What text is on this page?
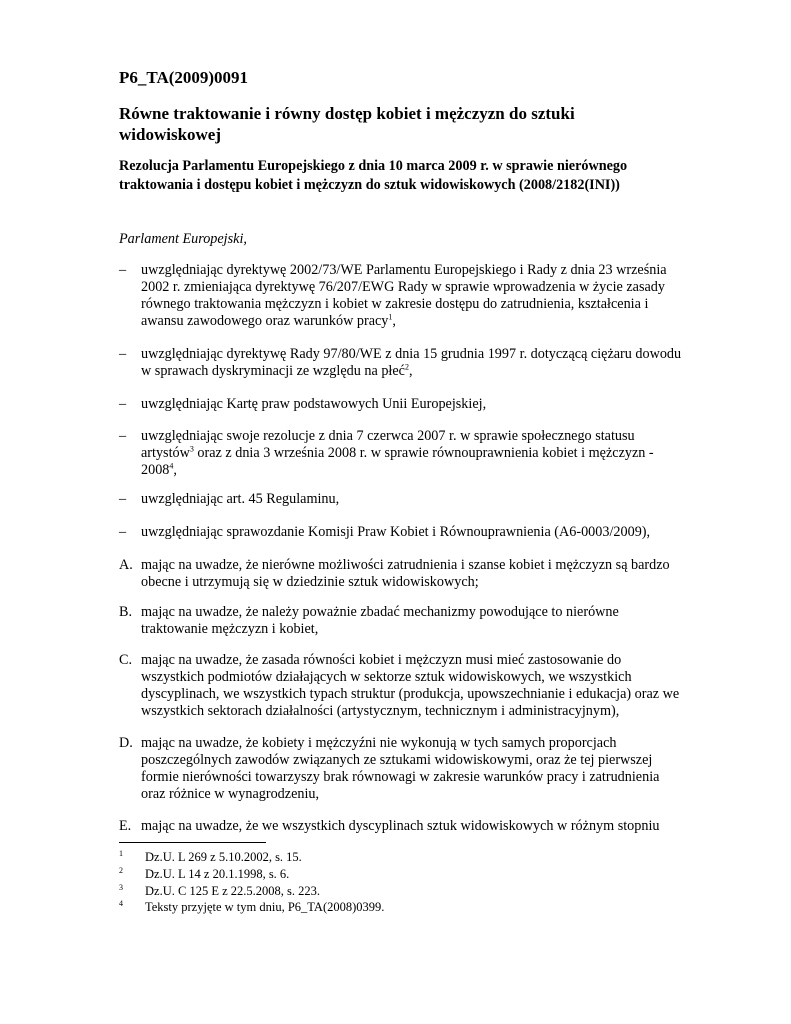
P6_TA(2009)0091
Równe traktowanie i równy dostęp kobiet i mężczyzn do sztuki widowiskowej

Rezolucja Parlamentu Europejskiego z dnia 10 marca 2009 r. w sprawie nierównego traktowania i dostępu kobiet i mężczyzn do sztuk widowiskowych (2008/2182(INI))

Parlament Europejski,

–	uwzględniając dyrektywę 2002/73/WE Parlamentu Europejskiego i Rady z dnia 23 września 2002 r. zmieniająca dyrektywę 76/207/EWG Rady w sprawie wprowadzenia w życie zasady równego traktowania mężczyzn i kobiet w zakresie dostępu do zatrudnienia, kształcenia i awansu zawodowego oraz warunków pracy$^1$,
–	uwzględniając dyrektywę Rady 97/80/WE z dnia 15 grudnia 1997 r. dotyczącą ciężaru dowodu w sprawach dyskryminacji ze względu na płeć$^2$,
–	uwzględniając Kartę praw podstawowych Unii Europejskiej,
–	uwzględniając swoje rezolucje z dnia 7 czerwca 2007 r. w sprawie społecznego statusu artystów$^3$ oraz z dnia 3 września 2008 r. w sprawie równouprawnienia kobiet i mężczyzn - 2008$^4$,
–	uwzględniając art. 45 Regulaminu,
–	uwzględniając sprawozdanie Komisji Praw Kobiet i Równouprawnienia (A6-0003/2009),
A. mając na uwadze, że nierówne możliwości zatrudnienia i szanse kobiet i mężczyzn są bardzo obecne i utrzymują się w dziedzinie sztuk widowiskowych;
B. mając na uwadze, że należy poważnie zbadać mechanizmy powodujące to nierówne traktowanie mężczyzn i kobiet,
C. mając na uwadze, że zasada równości kobiet i mężczyzn musi mieć zastosowanie do wszystkich podmiotów działających w sektorze sztuk widowiskowych, we wszystkich dyscyplinach, we wszystkich typach struktur (produkcja, upowszechnianie i edukacja) oraz we wszystkich sektorach działalności (artystycznym, technicznym i administracyjnym),
D. mając na uwadze, że kobiety i mężczyźni nie wykonują w tych samych proporcjach poszczególnych zawodów związanych ze sztukami widowiskowymi, oraz że tej pierwszej formie nierówności towarzyszy brak równowagi w zakresie warunków pracy i zatrudnienia oraz różnice w wynagrodzeniu,
E. mając na uwadze, że we wszystkich dyscyplinach sztuk widowiskowych w różnym stopniu
1 Dz.U. L 269 z 5.10.2002, s. 15.
2 Dz.U. L 14 z 20.1.1998, s. 6.
3 Dz.U. C 125 E z 22.5.2008, s. 223.
4 Teksty przyjęte w tym dniu, P6_TA(2008)0399.
